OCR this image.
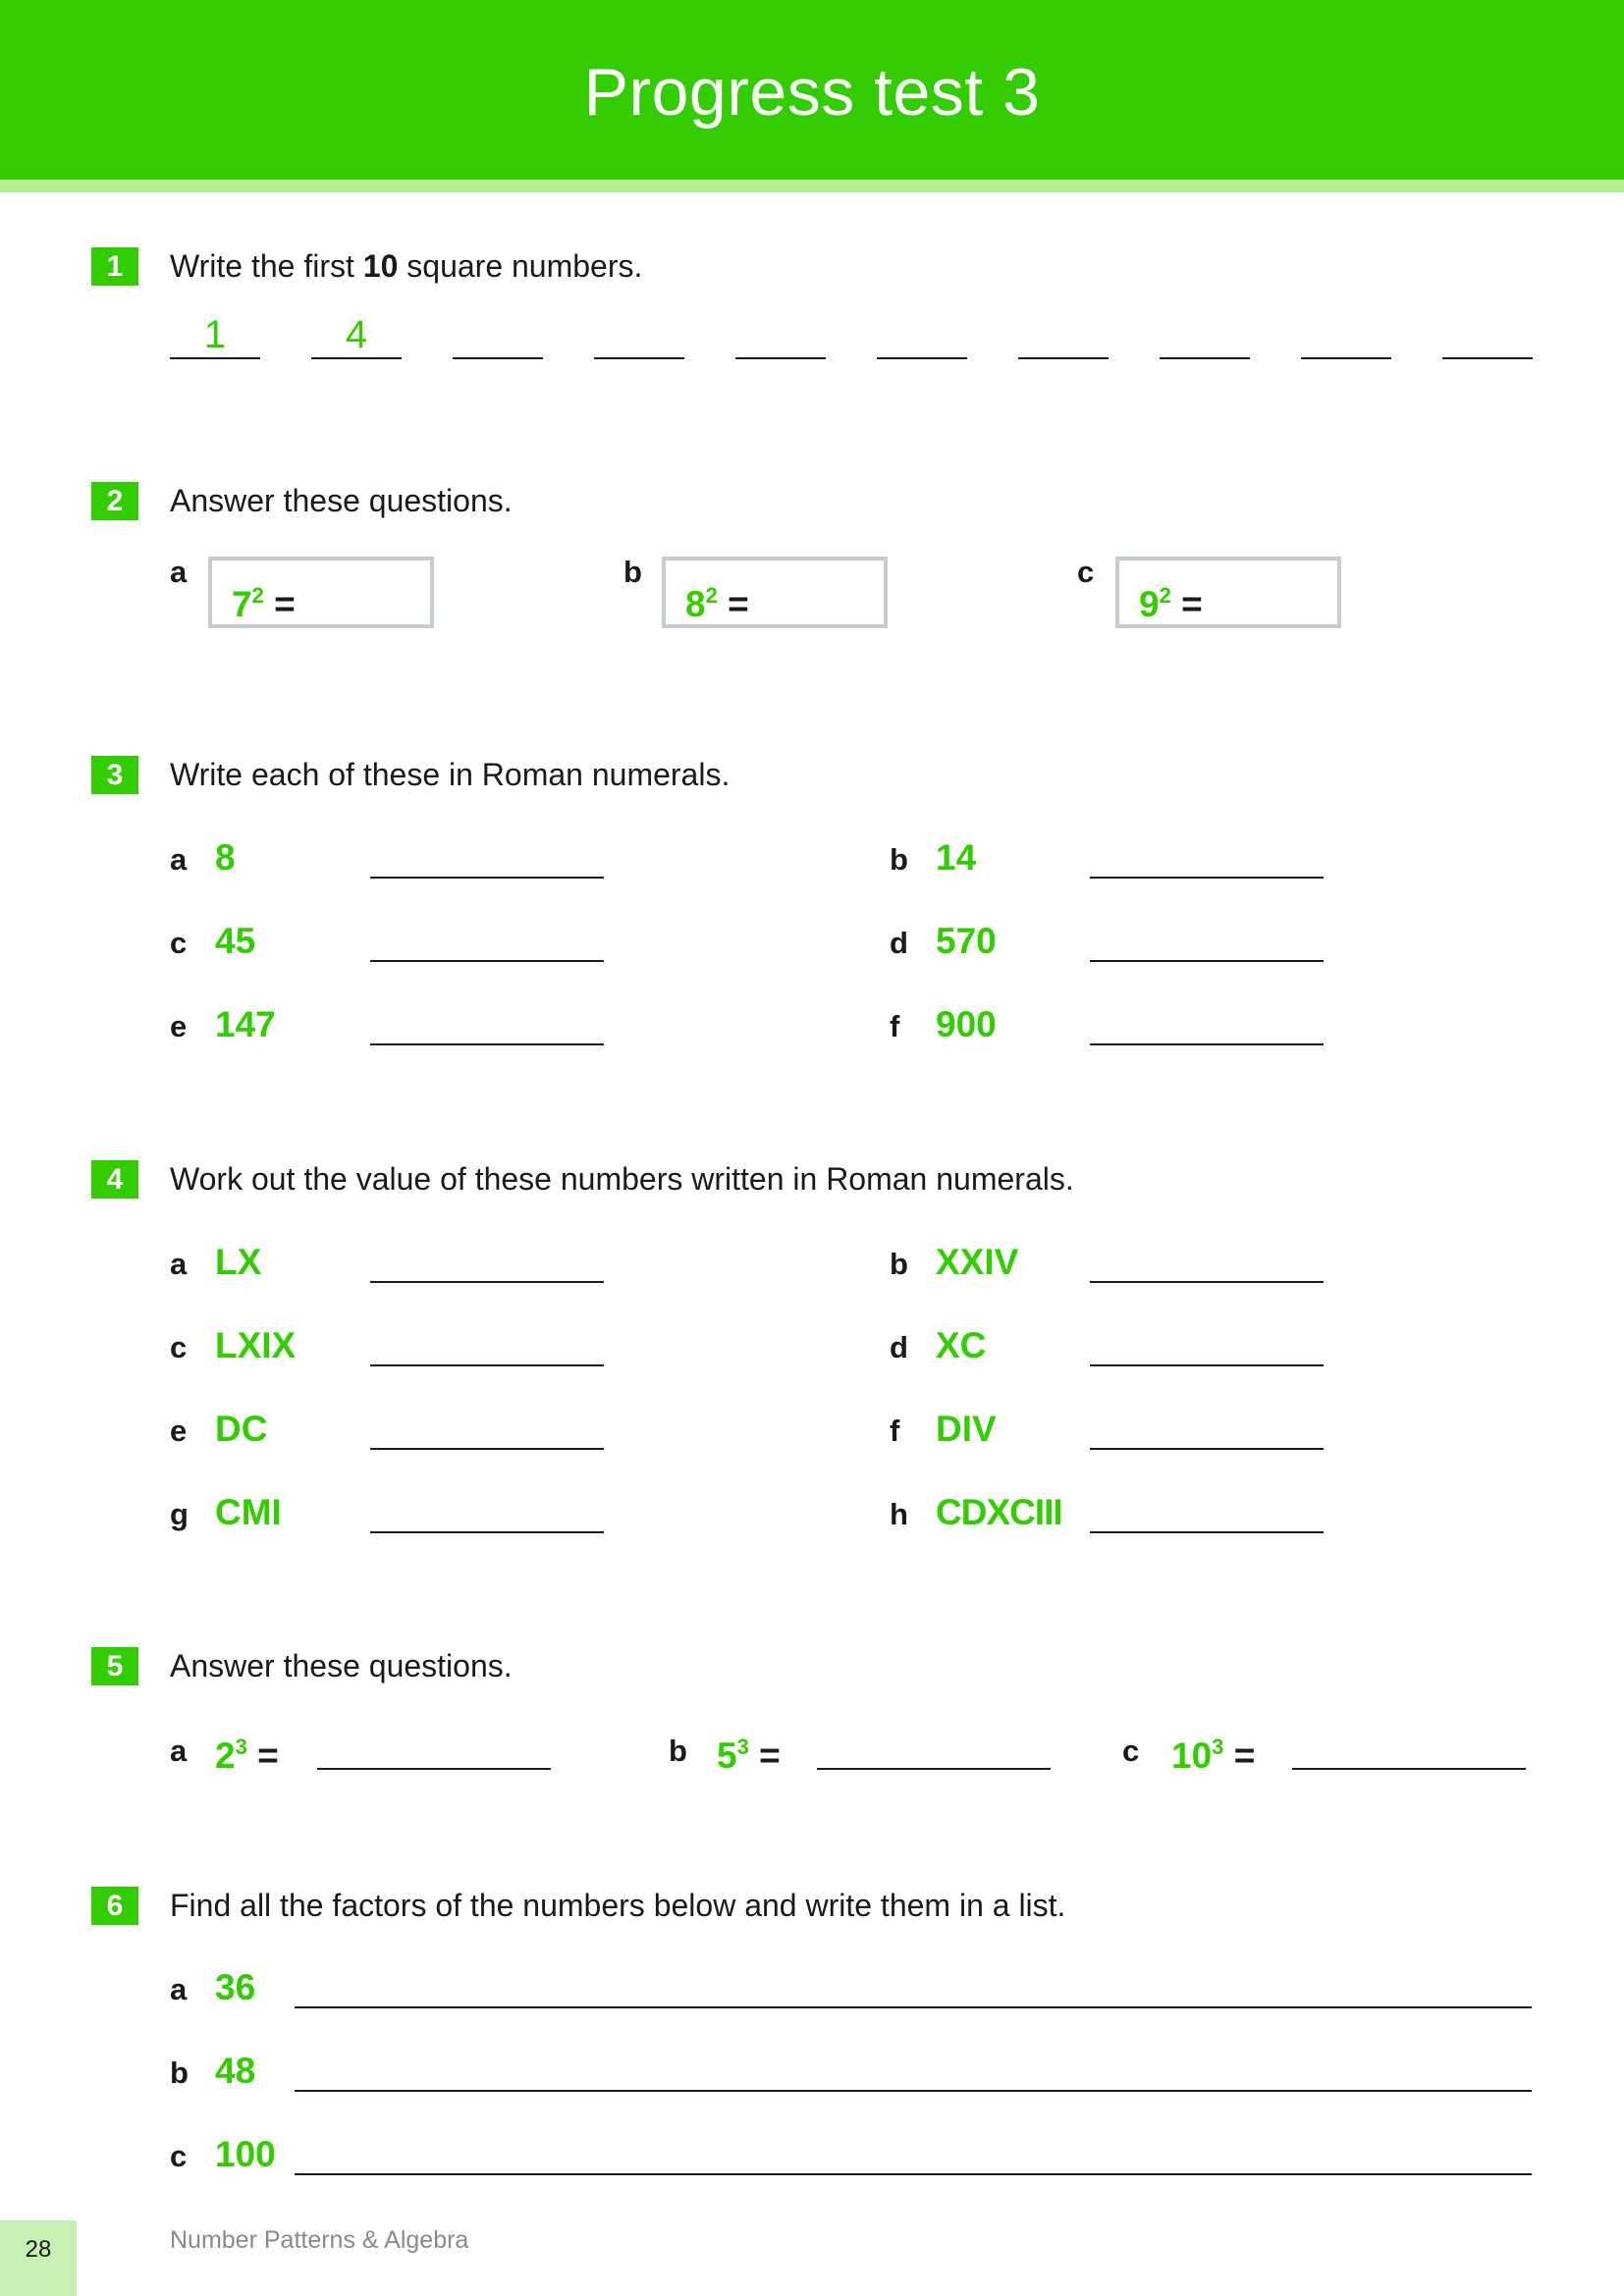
Progress test 3
1	Write the first 10 square numbers.
1	4
2	Answer these questions.
a
$7^2$ =
b
$8^2$ =
c
$9^2$ =
3	Write each of these in Roman numerals.
a 8	b 14
c 45	d 570
e 147	f 900
4	Work out the value of these numbers written in Roman numerals.
a LX	b XXIV
c LXIX	d XC
e DC	f DIV
g CMI	h CDXCIII
5	Answer these questions.
a $2^3$ =	b $5^3$ =	c $10^3$ =
6	Find all the factors of the numbers below and write them in a list.
a 36
b 48
c 100
28	Number Patterns & Algebra
